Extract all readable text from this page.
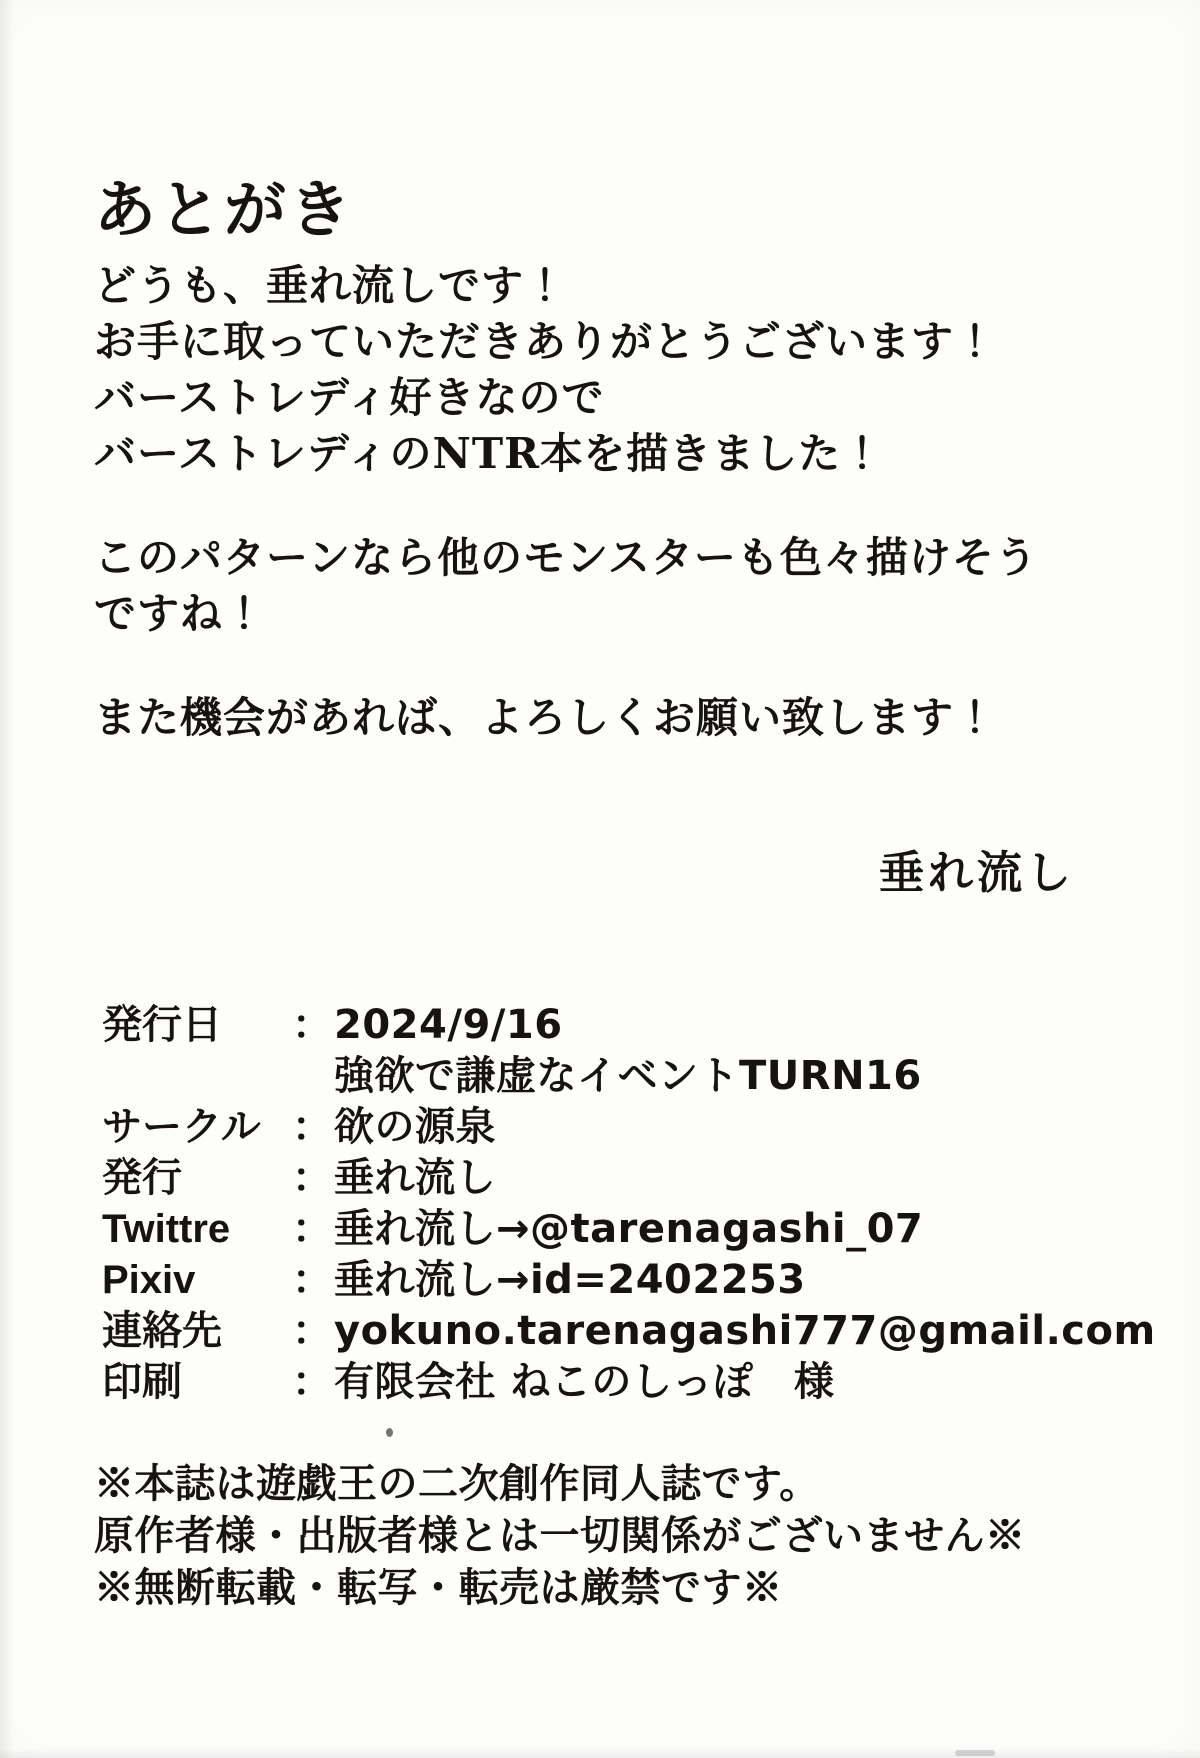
あとがき
どうも、垂れ流しです！
お手に取っていただきありがとうございます！
バーストレディ好きなので
バーストレディのNTR本を描きました！
このパターンなら他のモンスターも色々描けそう
ですね！
また機会があれば、よろしくお願い致します！
垂れ流し
発行日	： 2024/9/16
強欲で謙虚なイベントTURN16
サークル ： 欲の源泉
発行	： 垂れ流し
Twittre	： 垂れ流し→@tarenagashi_07
Pixiv	： 垂れ流し→id=2402253
連絡先	： yokuno.tarenagashi777@gmail.com
印刷	： 有限会社 ねこのしっぽ　様
※本誌は遊戯王の二次創作同人誌です。
原作者様・出版者様とは一切関係がございません※
※無断転載・転写・転売は厳禁です※
